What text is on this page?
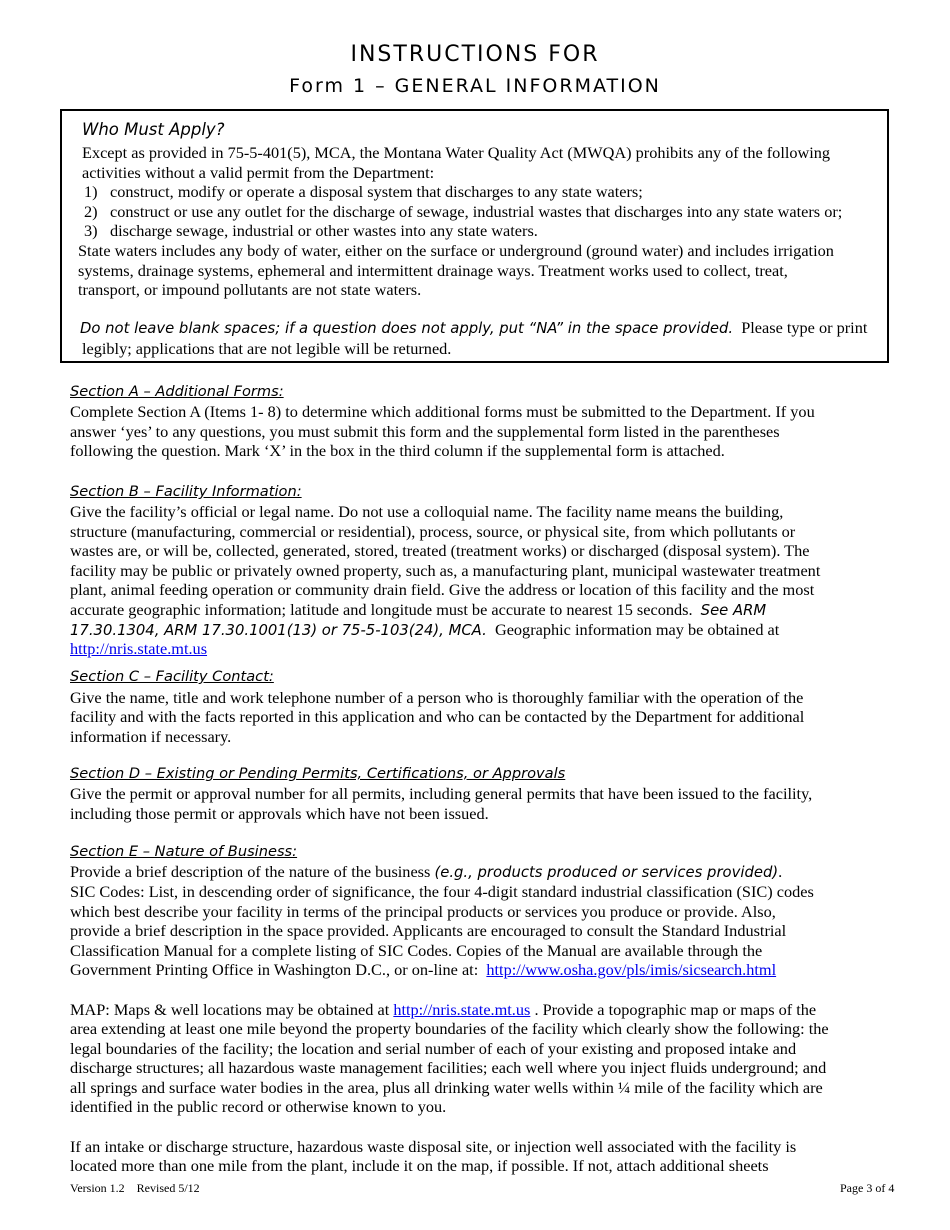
INSTRUCTIONS FOR
Form 1 – GENERAL INFORMATION
Who Must Apply?
Except as provided in 75-5-401(5), MCA, the Montana Water Quality Act (MWQA) prohibits any of the following
activities without a valid permit from the Department:
1) construct, modify or operate a disposal system that discharges to any state waters;
2) construct or use any outlet for the discharge of sewage, industrial wastes that discharges into any state waters or;
3) discharge sewage, industrial or other wastes into any state waters.
State waters includes any body of water, either on the surface or underground (ground water) and includes irrigation
systems, drainage systems, ephemeral and intermittent drainage ways. Treatment works used to collect, treat,
transport, or impound pollutants are not state waters.
Do not leave blank spaces; if a question does not apply, put “NA” in the space provided. Please type or print
legibly; applications that are not legible will be returned.
Section A – Additional Forms:
Complete Section A (Items 1- 8) to determine which additional forms must be submitted to the Department. If you
answer ‘yes’ to any questions, you must submit this form and the supplemental form listed in the parentheses
following the question. Mark ‘X’ in the box in the third column if the supplemental form is attached.
Section B – Facility Information:
Give the facility’s official or legal name. Do not use a colloquial name. The facility name means the building,
structure (manufacturing, commercial or residential), process, source, or physical site, from which pollutants or
wastes are, or will be, collected, generated, stored, treated (treatment works) or discharged (disposal system). The
facility may be public or privately owned property, such as, a manufacturing plant, municipal wastewater treatment
plant, animal feeding operation or community drain field. Give the address or location of this facility and the most
accurate geographic information; latitude and longitude must be accurate to nearest 15 seconds. See ARM
17.30.1304, ARM 17.30.1001(13) or 75-5-103(24), MCA. Geographic information may be obtained at
http://nris.state.mt.us
Section C – Facility Contact:
Give the name, title and work telephone number of a person who is thoroughly familiar with the operation of the
facility and with the facts reported in this application and who can be contacted by the Department for additional
information if necessary.
Section D – Existing or Pending Permits, Certifications, or Approvals
Give the permit or approval number for all permits, including general permits that have been issued to the facility,
including those permit or approvals which have not been issued.
Section E – Nature of Business:
Provide a brief description of the nature of the business (e.g., products produced or services provided).
SIC Codes: List, in descending order of significance, the four 4-digit standard industrial classification (SIC) codes
which best describe your facility in terms of the principal products or services you produce or provide. Also,
provide a brief description in the space provided. Applicants are encouraged to consult the Standard Industrial
Classification Manual for a complete listing of SIC Codes. Copies of the Manual are available through the
Government Printing Office in Washington D.C., or on-line at: http://www.osha.gov/pls/imis/sicsearch.html
MAP: Maps & well locations may be obtained at http://nris.state.mt.us . Provide a topographic map or maps of the
area extending at least one mile beyond the property boundaries of the facility which clearly show the following: the
legal boundaries of the facility; the location and serial number of each of your existing and proposed intake and
discharge structures; all hazardous waste management facilities; each well where you inject fluids underground; and
all springs and surface water bodies in the area, plus all drinking water wells within ¼ mile of the facility which are
identified in the public record or otherwise known to you.
If an intake or discharge structure, hazardous waste disposal site, or injection well associated with the facility is
located more than one mile from the plant, include it on the map, if possible. If not, attach additional sheets
Version 1.2 Revised 5/12	Page 3 of 4
